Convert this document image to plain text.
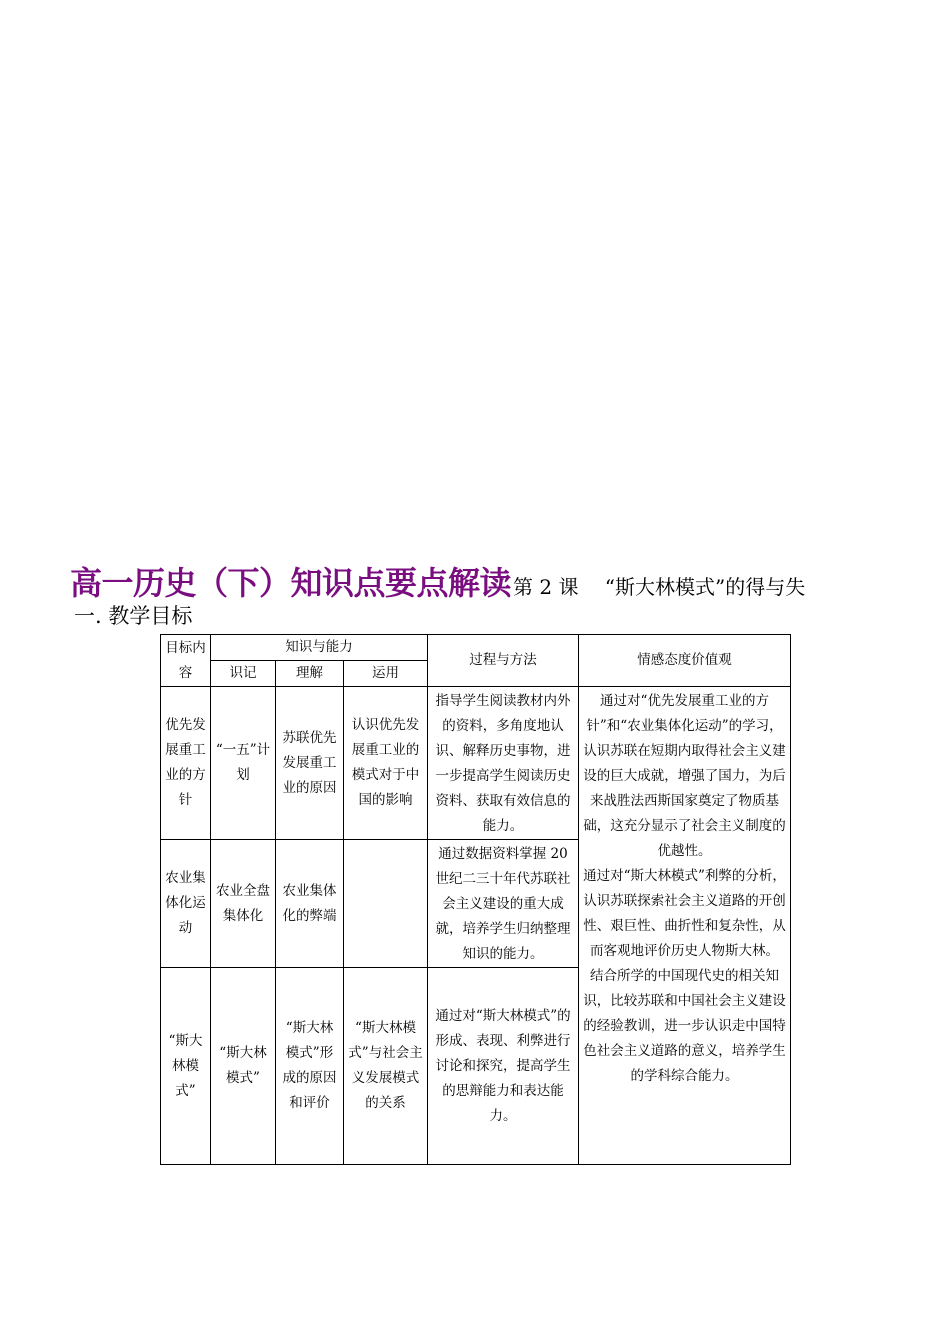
高一历史（下）知识点要点解读 第 2 课　 “斯大林模式”的得与失
一. 教学目标
目标内容	知识与能力			过程与方法	情感态度价值观
	识记	理解	运用		
优先发展重工业的方针	“一五”计划	苏联优先发展重工业的原因	认识优先发展重工业的模式对于中国的影响	指导学生阅读教材内外的资料，多角度地认识、解释历史事物，进一步提高学生阅读历史资料、获取有效信息的能力。	通过对“优先发展重工业的方针”和“农业集体化运动”的学习，认识苏联在短期内取得社会主义建设的巨大成就，增强了国力，为后来战胜法西斯国家奠定了物质基础，这充分显示了社会主义制度的优越性。
通过对“斯大林模式”利弊的分析，认识苏联探索社会主义道路的开创性、艰巨性、曲折性和复杂性，从而客观地评价历史人物斯大林。
结合所学的中国现代史的相关知识，比较苏联和中国社会主义建设的经验教训，进一步认识走中国特色社会主义道路的意义，培养学生的学科综合能力。

农业集体化运动	农业全盘集体化	农业集体化的弊端		通过数据资料掌握 20 世纪二三十年代苏联社会主义建设的重大成就，培养学生归纳整理知识的能力。	
“斯大林模式”	“斯大林模式”	“斯大林模式”形成的原因和评价	“斯大林模式”与社会主义发展模式的关系	通过对“斯大林模式”的形成、表现、利弊进行讨论和探究，提高学生的思辩能力和表达能力。	
